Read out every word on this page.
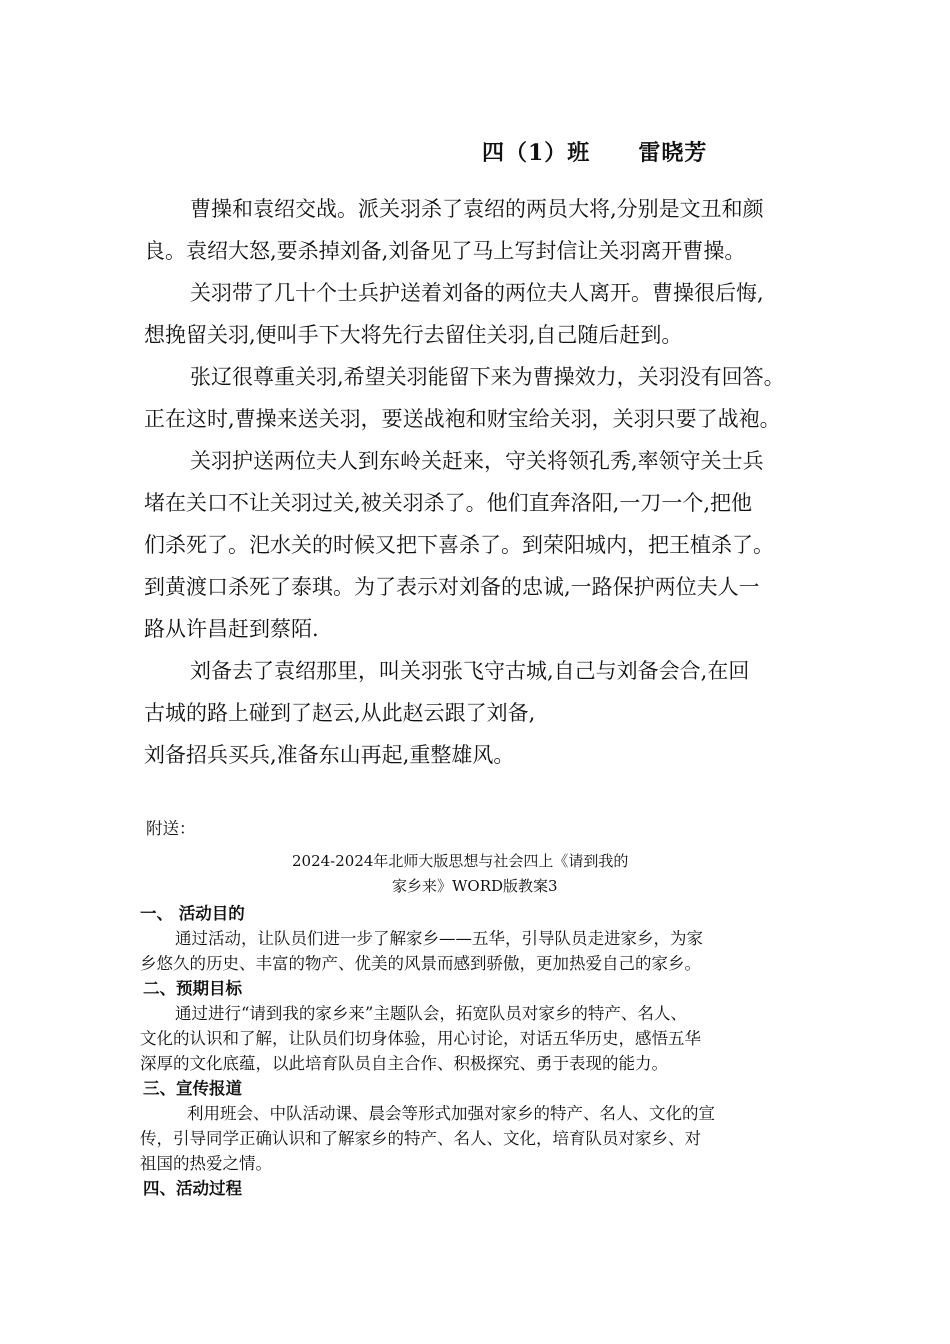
四（1）班 雷晓芳
曹操和袁绍交战。派关羽杀了袁绍的两员大将,分别是文丑和颜
良。袁绍大怒,要杀掉刘备,刘备见了马上写封信让关羽离开曹操。
关羽带了几十个士兵护送着刘备的两位夫人离开。曹操很后悔,
想挽留关羽,便叫手下大将先行去留住关羽,自己随后赶到。
张辽很尊重关羽,希望关羽能留下来为曹操效力，关羽没有回答。
正在这时,曹操来送关羽，要送战袍和财宝给关羽，关羽只要了战袍。
关羽护送两位夫人到东岭关赶来，守关将领孔秀,率领守关士兵
堵在关口不让关羽过关,被关羽杀了。他们直奔洛阳,一刀一个,把他
们杀死了。汜水关的时候又把下喜杀了。到荣阳城内，把王植杀了。
到黄渡口杀死了泰琪。为了表示对刘备的忠诚,一路保护两位夫人一
路从许昌赶到蔡陌.
刘备去了袁绍那里，叫关羽张飞守古城,自己与刘备会合,在回
古城的路上碰到了赵云,从此赵云跟了刘备,
刘备招兵买兵,准备东山再起,重整雄风。
附送：
2024-2024年北师大版思想与社会四上《请到我的
家乡来》WORD版教案3
一、 活动目的
通过活动，让队员们进一步了解家乡——五华，引导队员走进家乡，为家
乡悠久的历史、丰富的物产、优美的风景而感到骄傲，更加热爱自己的家乡。
二、预期目标
通过进行“请到我的家乡来”主题队会，拓宽队员对家乡的特产、名人、
文化的认识和了解，让队员们切身体验，用心讨论，对话五华历史，感悟五华
深厚的文化底蕴，以此培育队员自主合作、积极探究、勇于表现的能力。
三、宣传报道
利用班会、中队活动课、晨会等形式加强对家乡的特产、名人、文化的宣
传，引导同学正确认识和了解家乡的特产、名人、文化，培育队员对家乡、对
祖国的热爱之情。
四、活动过程
